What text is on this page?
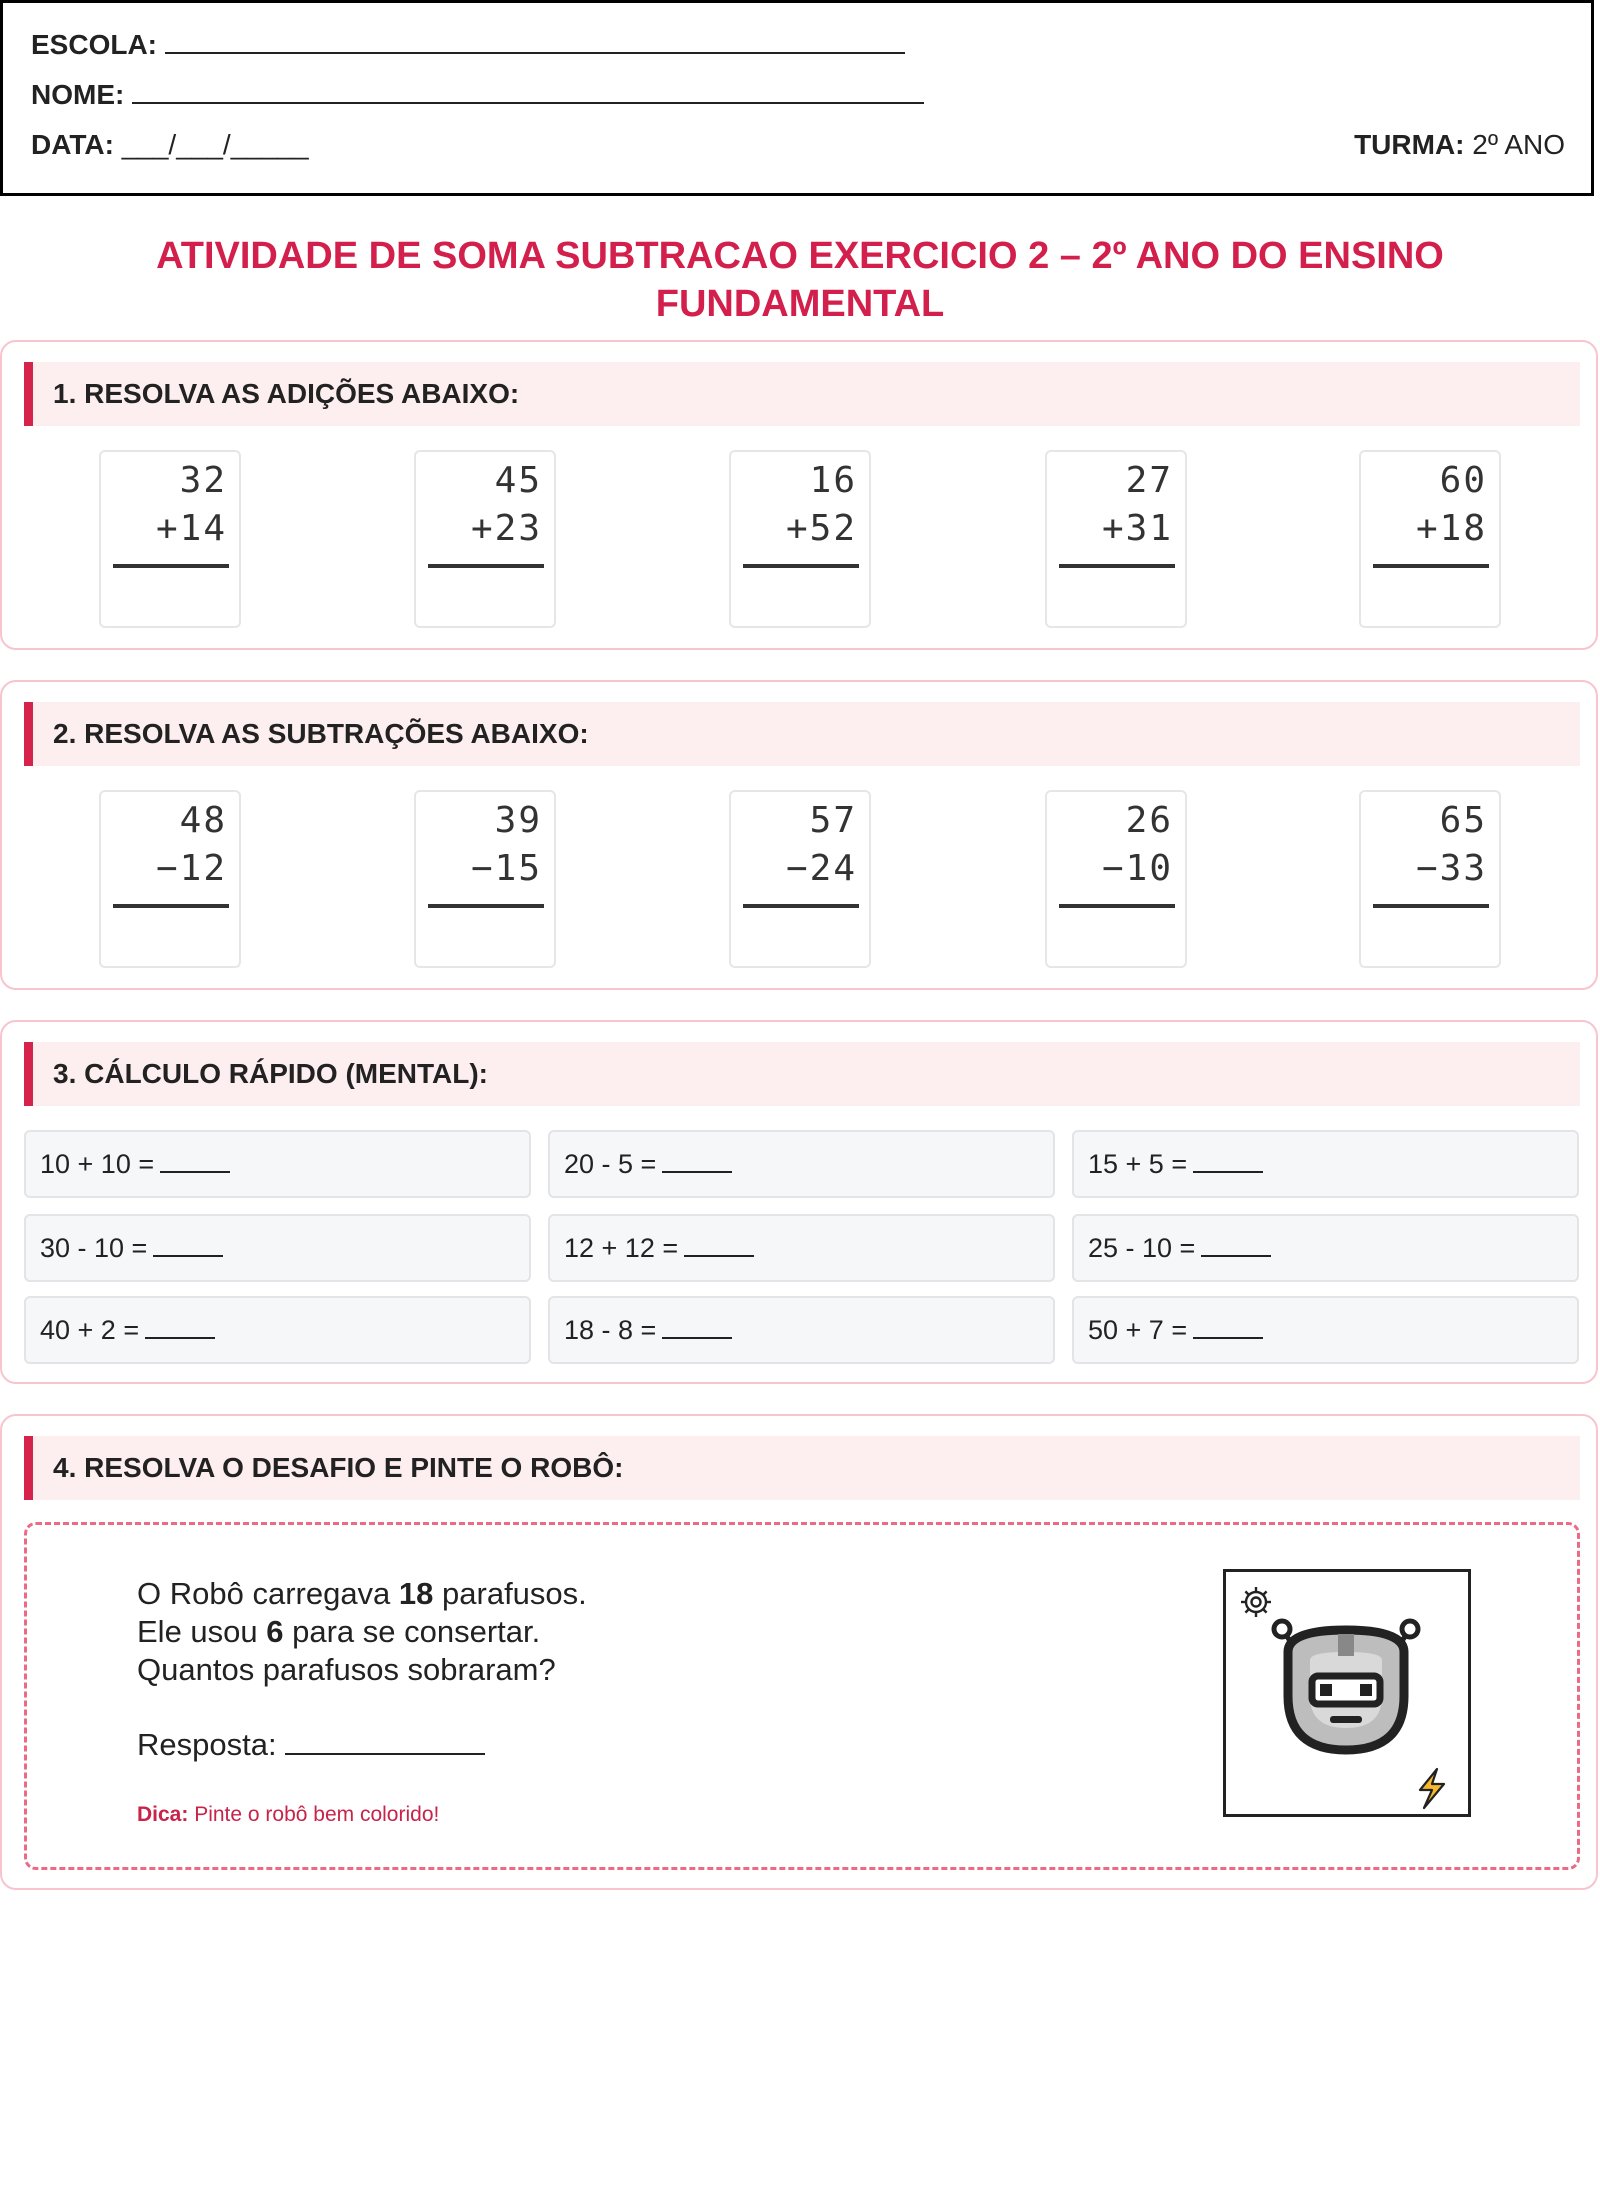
ESCOLA:
NOME:
DATA: ___/___/_____	TURMA: 2º ANO
ATIVIDADE DE SOMA SUBTRACAO EXERCICIO 2 – 2º ANO DO ENSINO FUNDAMENTAL
1. RESOLVA AS ADIÇÕES ABAIXO:
32
+14
45
+23
16
+52
27
+31
60
+18
2. RESOLVA AS SUBTRAÇÕES ABAIXO:
48
−12
39
−15
57
−24
26
−10
65
−33
3. CÁLCULO RÁPIDO (MENTAL):
10 + 10 =	20 - 5 =	15 + 5 =
30 - 10 =	12 + 12 =	25 - 10 =
40 + 2 =	18 - 8 =	50 + 7 =
4. RESOLVA O DESAFIO E PINTE O ROBÔ:
O Robô carregava 18 parafusos.
Ele usou 6 para se consertar.
Quantos parafusos sobraram?
Resposta:
Dica: Pinte o robô bem colorido!
